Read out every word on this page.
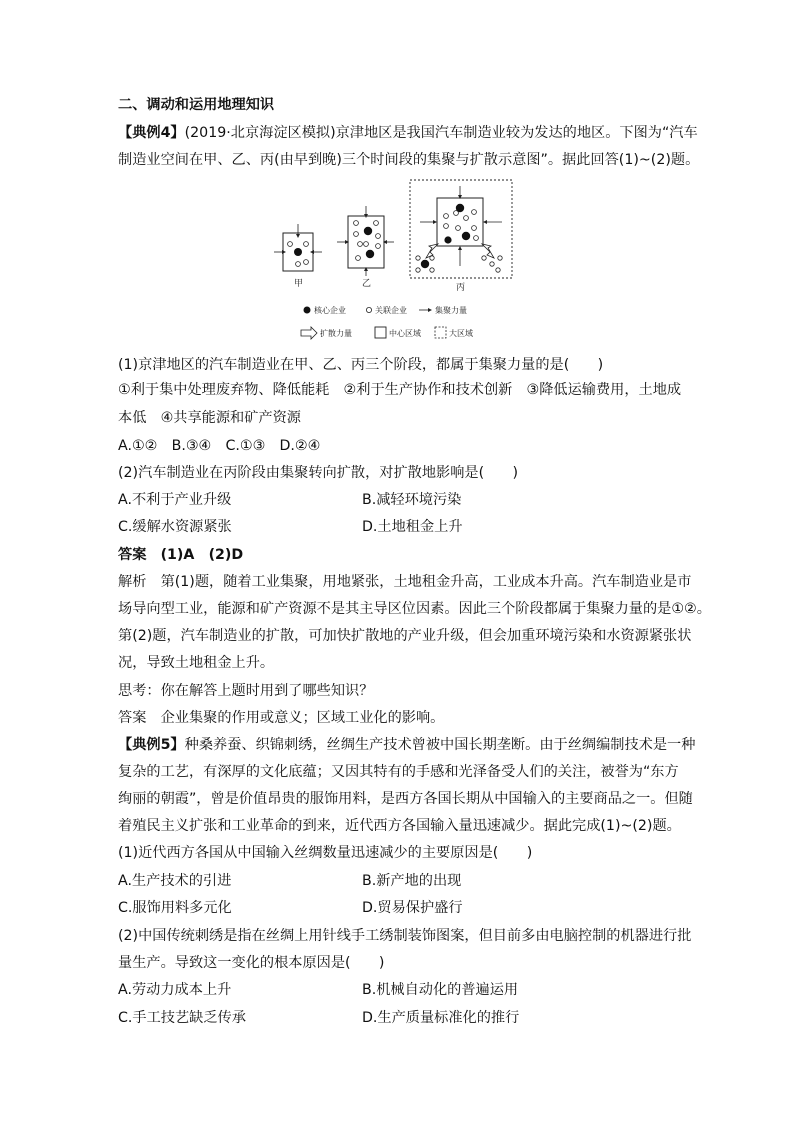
二、调动和运用地理知识
【典例4】(2019·北京海淀区模拟)京津地区是我国汽车制造业较为发达的地区。下图为“汽车
制造业空间在甲、乙、丙(由早到晚)三个时间段的集聚与扩散示意图”。据此回答(1)~(2)题。
甲	乙	丙
核心企业	关联企业	集聚力量
扩散力量	中心区域	大区域
(1)京津地区的汽车制造业在甲、乙、丙三个阶段，都属于集聚力量的是(　　)
①利于集中处理废弃物、降低能耗　②利于生产协作和技术创新　③降低运输费用，土地成
本低　④共享能源和矿产资源
A.①②　B.③④　C.①③　D.②④
(2)汽车制造业在丙阶段由集聚转向扩散，对扩散地影响是(　　)
A.不利于产业升级	B.减轻环境污染
C.缓解水资源紧张	D.土地租金上升
答案　(1)A　(2)D
解析　第(1)题，随着工业集聚，用地紧张，土地租金升高，工业成本升高。汽车制造业是市
场导向型工业，能源和矿产资源不是其主导区位因素。因此三个阶段都属于集聚力量的是①②。
第(2)题，汽车制造业的扩散，可加快扩散地的产业升级，但会加重环境污染和水资源紧张状
况，导致土地租金上升。
思考：你在解答上题时用到了哪些知识？
答案　企业集聚的作用或意义；区域工业化的影响。
【典例5】种桑养蚕、织锦刺绣，丝绸生产技术曾被中国长期垄断。由于丝绸编制技术是一种
复杂的工艺，有深厚的文化底蕴；又因其特有的手感和光泽备受人们的关注，被誉为“东方
绚丽的朝霞”，曾是价值昂贵的服饰用料，是西方各国长期从中国输入的主要商品之一。但随
着殖民主义扩张和工业革命的到来，近代西方各国输入量迅速减少。据此完成(1)~(2)题。
(1)近代西方各国从中国输入丝绸数量迅速减少的主要原因是(　　)
A.生产技术的引进	B.新产地的出现
C.服饰用料多元化	D.贸易保护盛行
(2)中国传统刺绣是指在丝绸上用针线手工绣制装饰图案，但目前多由电脑控制的机器进行批
量生产。导致这一变化的根本原因是(　　)
A.劳动力成本上升	B.机械自动化的普遍运用
C.手工技艺缺乏传承	D.生产质量标准化的推行
